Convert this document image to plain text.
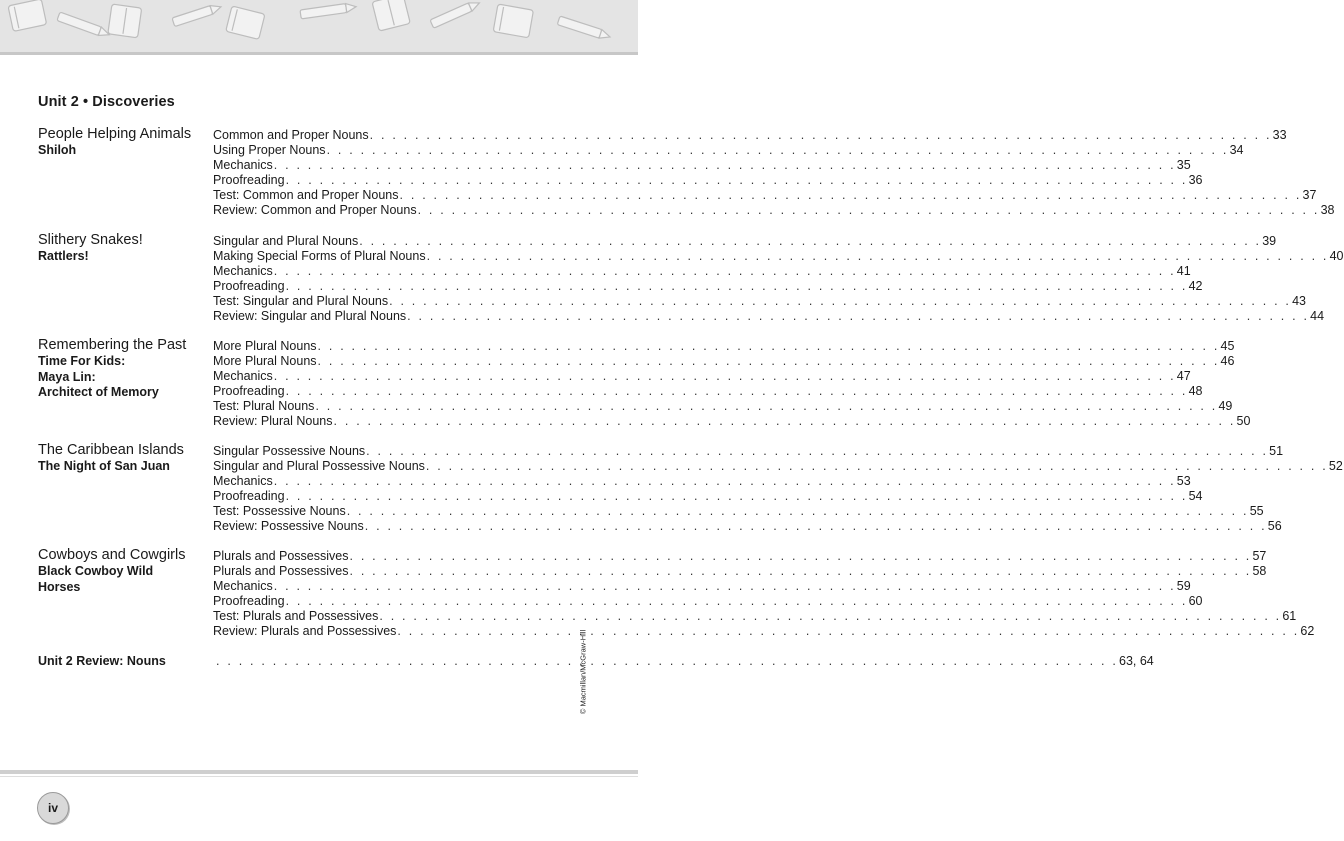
Unit 2 • Discoveries
People Helping Animals
Shiloh
Common and Proper Nouns . . . . . . . . . . . . . . . . . . . . . . . . . . . . . . . . . . . . . . . . . . . . . . . . . . . . . . . . . . . . . . . . . . . . . . . . . . . . . . . . 33
Using Proper Nouns . . . . . . . . . . . . . . . . . . . . . . . . . . . . . . . . . . . . . . . . . . . . . . . . . . . . . . . . . . . . . . . . . . . . . . . . . . . . . . . . 34
Mechanics . . . . . . . . . . . . . . . . . . . . . . . . . . . . . . . . . . . . . . . . . . . . . . . . . . . . . . . . . . . . . . . . . . . . . . . . . . . . . . . . 35
Proofreading . . . . . . . . . . . . . . . . . . . . . . . . . . . . . . . . . . . . . . . . . . . . . . . . . . . . . . . . . . . . . . . . . . . . . . . . . . . . . . . . 36
Test: Common and Proper Nouns . . . . . . . . . . . . . . . . . . . . . . . . . . . . . . . . . . . . . . . . . . . . . . . . . . . . . . . . . . . . . . . . . . . . . . . . . . . . . . . . 37
Review: Common and Proper Nouns . . . . . . . . . . . . . . . . . . . . . . . . . . . . . . . . . . . . . . . . . . . . . . . . . . . . . . . . . . . . . . . . . . . . . . . . . . . . . . . . 38
Slithery Snakes!
Rattlers!
Singular and Plural Nouns . . . . . . . . . . . . . . . . . . . . . . . . . . . . . . . . . . . . . . . . . . . . . . . . . . . . . . . . . . . . . . . . . . . . . . . . . . . . . . . . 39
Making Special Forms of Plural Nouns . . . . . . . . . . . . . . . . . . . . . . . . . . . . . . . . . . . . . . . . . . . . . . . . . . . . . . . . . . . . . . . . . . . . . . . . . . . . . . . . 40
Mechanics . . . . . . . . . . . . . . . . . . . . . . . . . . . . . . . . . . . . . . . . . . . . . . . . . . . . . . . . . . . . . . . . . . . . . . . . . . . . . . . . 41
Proofreading . . . . . . . . . . . . . . . . . . . . . . . . . . . . . . . . . . . . . . . . . . . . . . . . . . . . . . . . . . . . . . . . . . . . . . . . . . . . . . . . 42
Test: Singular and Plural Nouns . . . . . . . . . . . . . . . . . . . . . . . . . . . . . . . . . . . . . . . . . . . . . . . . . . . . . . . . . . . . . . . . . . . . . . . . . . . . . . . . 43
Review: Singular and Plural Nouns . . . . . . . . . . . . . . . . . . . . . . . . . . . . . . . . . . . . . . . . . . . . . . . . . . . . . . . . . . . . . . . . . . . . . . . . . . . . . . . . 44
Remembering the Past
Time For Kids:
Maya Lin:
Architect of Memory
More Plural Nouns . . . . . . . . . . . . . . . . . . . . . . . . . . . . . . . . . . . . . . . . . . . . . . . . . . . . . . . . . . . . . . . . . . . . . . . . . . . . . . . . 45
More Plural Nouns . . . . . . . . . . . . . . . . . . . . . . . . . . . . . . . . . . . . . . . . . . . . . . . . . . . . . . . . . . . . . . . . . . . . . . . . . . . . . . . . 46
Mechanics . . . . . . . . . . . . . . . . . . . . . . . . . . . . . . . . . . . . . . . . . . . . . . . . . . . . . . . . . . . . . . . . . . . . . . . . . . . . . . . . 47
Proofreading . . . . . . . . . . . . . . . . . . . . . . . . . . . . . . . . . . . . . . . . . . . . . . . . . . . . . . . . . . . . . . . . . . . . . . . . . . . . . . . . 48
Test: Plural Nouns . . . . . . . . . . . . . . . . . . . . . . . . . . . . . . . . . . . . . . . . . . . . . . . . . . . . . . . . . . . . . . . . . . . . . . . . . . . . . . . . 49
Review: Plural Nouns . . . . . . . . . . . . . . . . . . . . . . . . . . . . . . . . . . . . . . . . . . . . . . . . . . . . . . . . . . . . . . . . . . . . . . . . . . . . . . . . 50
The Caribbean Islands
The Night of San Juan
Singular Possessive Nouns . . . . . . . . . . . . . . . . . . . . . . . . . . . . . . . . . . . . . . . . . . . . . . . . . . . . . . . . . . . . . . . . . . . . . . . . . . . . . . . . 51
Singular and Plural Possessive Nouns . . . . . . . . . . . . . . . . . . . . . . . . . . . . . . . . . . . . . . . . . . . . . . . . . . . . . . . . . . . . . . . . . . . . . . . . . . . . . . . . 52
Mechanics . . . . . . . . . . . . . . . . . . . . . . . . . . . . . . . . . . . . . . . . . . . . . . . . . . . . . . . . . . . . . . . . . . . . . . . . . . . . . . . . 53
Proofreading . . . . . . . . . . . . . . . . . . . . . . . . . . . . . . . . . . . . . . . . . . . . . . . . . . . . . . . . . . . . . . . . . . . . . . . . . . . . . . . . 54
Test: Possessive Nouns . . . . . . . . . . . . . . . . . . . . . . . . . . . . . . . . . . . . . . . . . . . . . . . . . . . . . . . . . . . . . . . . . . . . . . . . . . . . . . . . 55
Review: Possessive Nouns . . . . . . . . . . . . . . . . . . . . . . . . . . . . . . . . . . . . . . . . . . . . . . . . . . . . . . . . . . . . . . . . . . . . . . . . . . . . . . . . 56
Cowboys and Cowgirls
Black Cowboy Wild
Horses
Plurals and Possessives . . . . . . . . . . . . . . . . . . . . . . . . . . . . . . . . . . . . . . . . . . . . . . . . . . . . . . . . . . . . . . . . . . . . . . . . . . . . . . . . 57
Plurals and Possessives . . . . . . . . . . . . . . . . . . . . . . . . . . . . . . . . . . . . . . . . . . . . . . . . . . . . . . . . . . . . . . . . . . . . . . . . . . . . . . . . 58
Mechanics . . . . . . . . . . . . . . . . . . . . . . . . . . . . . . . . . . . . . . . . . . . . . . . . . . . . . . . . . . . . . . . . . . . . . . . . . . . . . . . . 59
Proofreading . . . . . . . . . . . . . . . . . . . . . . . . . . . . . . . . . . . . . . . . . . . . . . . . . . . . . . . . . . . . . . . . . . . . . . . . . . . . . . . . 60
Test: Plurals and Possessives . . . . . . . . . . . . . . . . . . . . . . . . . . . . . . . . . . . . . . . . . . . . . . . . . . . . . . . . . . . . . . . . . . . . . . . . . . . . . . . . 61
Review: Plurals and Possessives . . . . . . . . . . . . . . . . . . . . . . . . . . . . . . . . . . . . . . . . . . . . . . . . . . . . . . . . . . . . . . . . . . . . . . . . . . . . . . . . 62
Unit 2 Review: Nouns	. . . . . . . . . . . . . . . . . . . . . . . . . . . . . . . . . . . . . . . . . . . . . . . . . . . . . . . . . . . . . . . . . . . . . . . . . . . . . . . . 63, 64
© Macmillan/McGraw-Hill
iv
